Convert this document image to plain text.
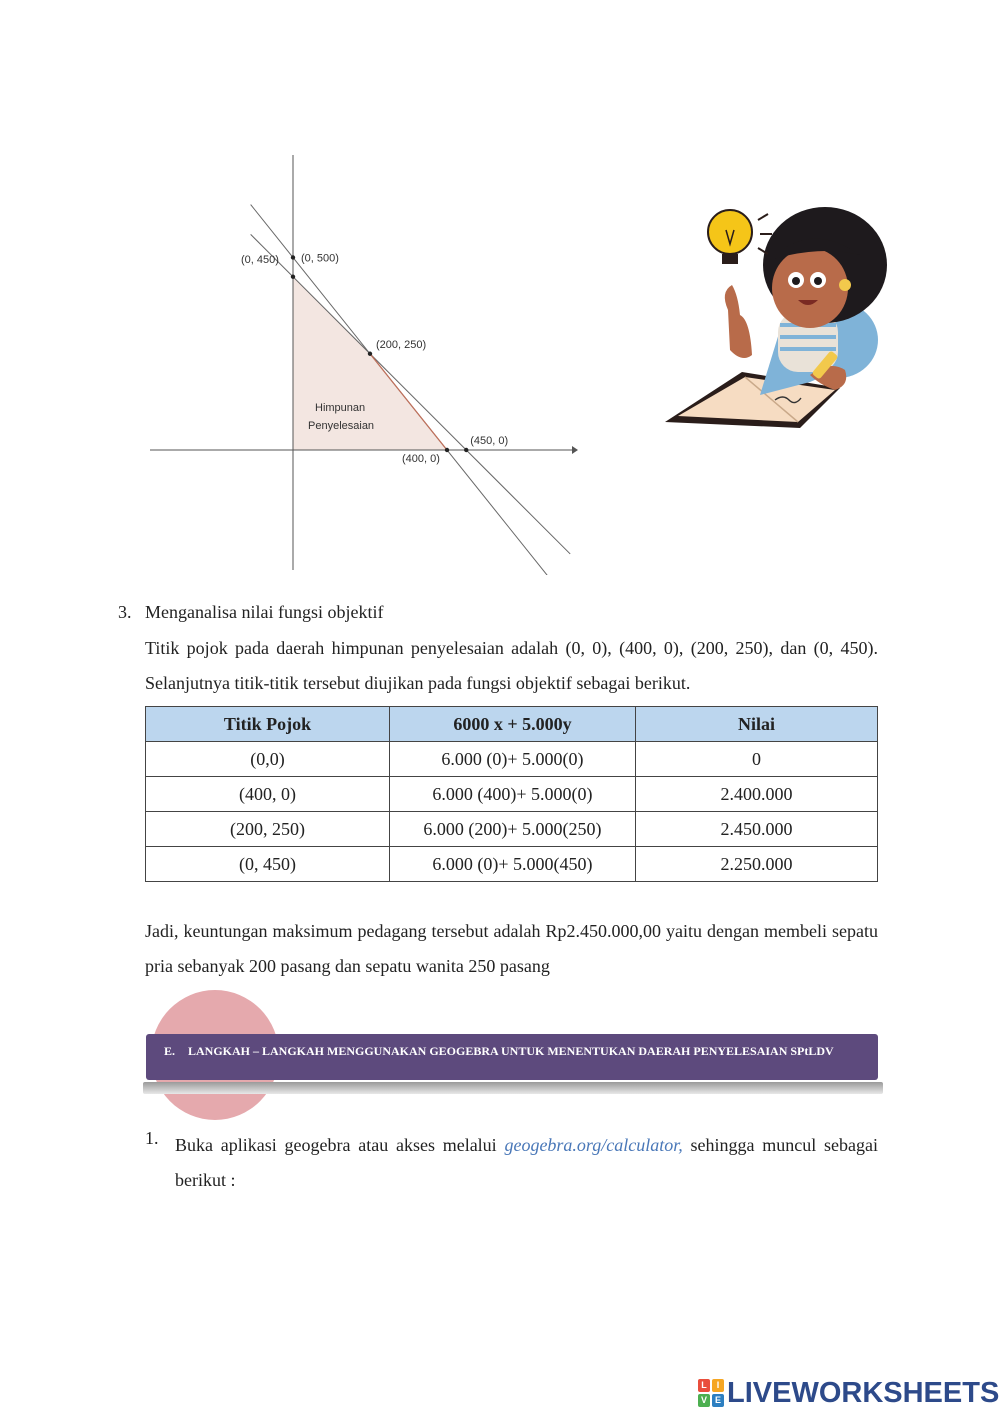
(0, 500)
(0, 450)
(200, 250)
(450, 0)
(400, 0)
Himpunan
Penyelesaian
3. Menganalisa nilai fungsi objektif
Titik pojok pada daerah himpunan penyelesaian adalah (0, 0), (400, 0), (200, 250), dan (0, 450). Selanjutnya titik-titik tersebut diujikan pada fungsi objektif sebagai berikut.
Titik Pojok	6000 x + 5.000y	Nilai
(0,0)	6.000 (0)+ 5.000(0)	0
(400, 0)	6.000 (400)+ 5.000(0)	2.400.000
(200, 250)	6.000 (200)+ 5.000(250)	2.450.000
(0, 450)	6.000 (0)+ 5.000(450)	2.250.000
Jadi, keuntungan maksimum pedagang tersebut adalah Rp2.450.000,00 yaitu dengan membeli sepatu pria sebanyak 200 pasang dan sepatu wanita 250 pasang
E. LANGKAH – LANGKAH MENGGUNAKAN GEOGEBRA UNTUK MENENTUKAN DAERAH PENYELESAIAN SPtLDV
1. Buka aplikasi geogebra atau akses melalui geogebra.org/calculator, sehingga muncul sebagai berikut :
L	I
V E LIVEWORKSHEETS
